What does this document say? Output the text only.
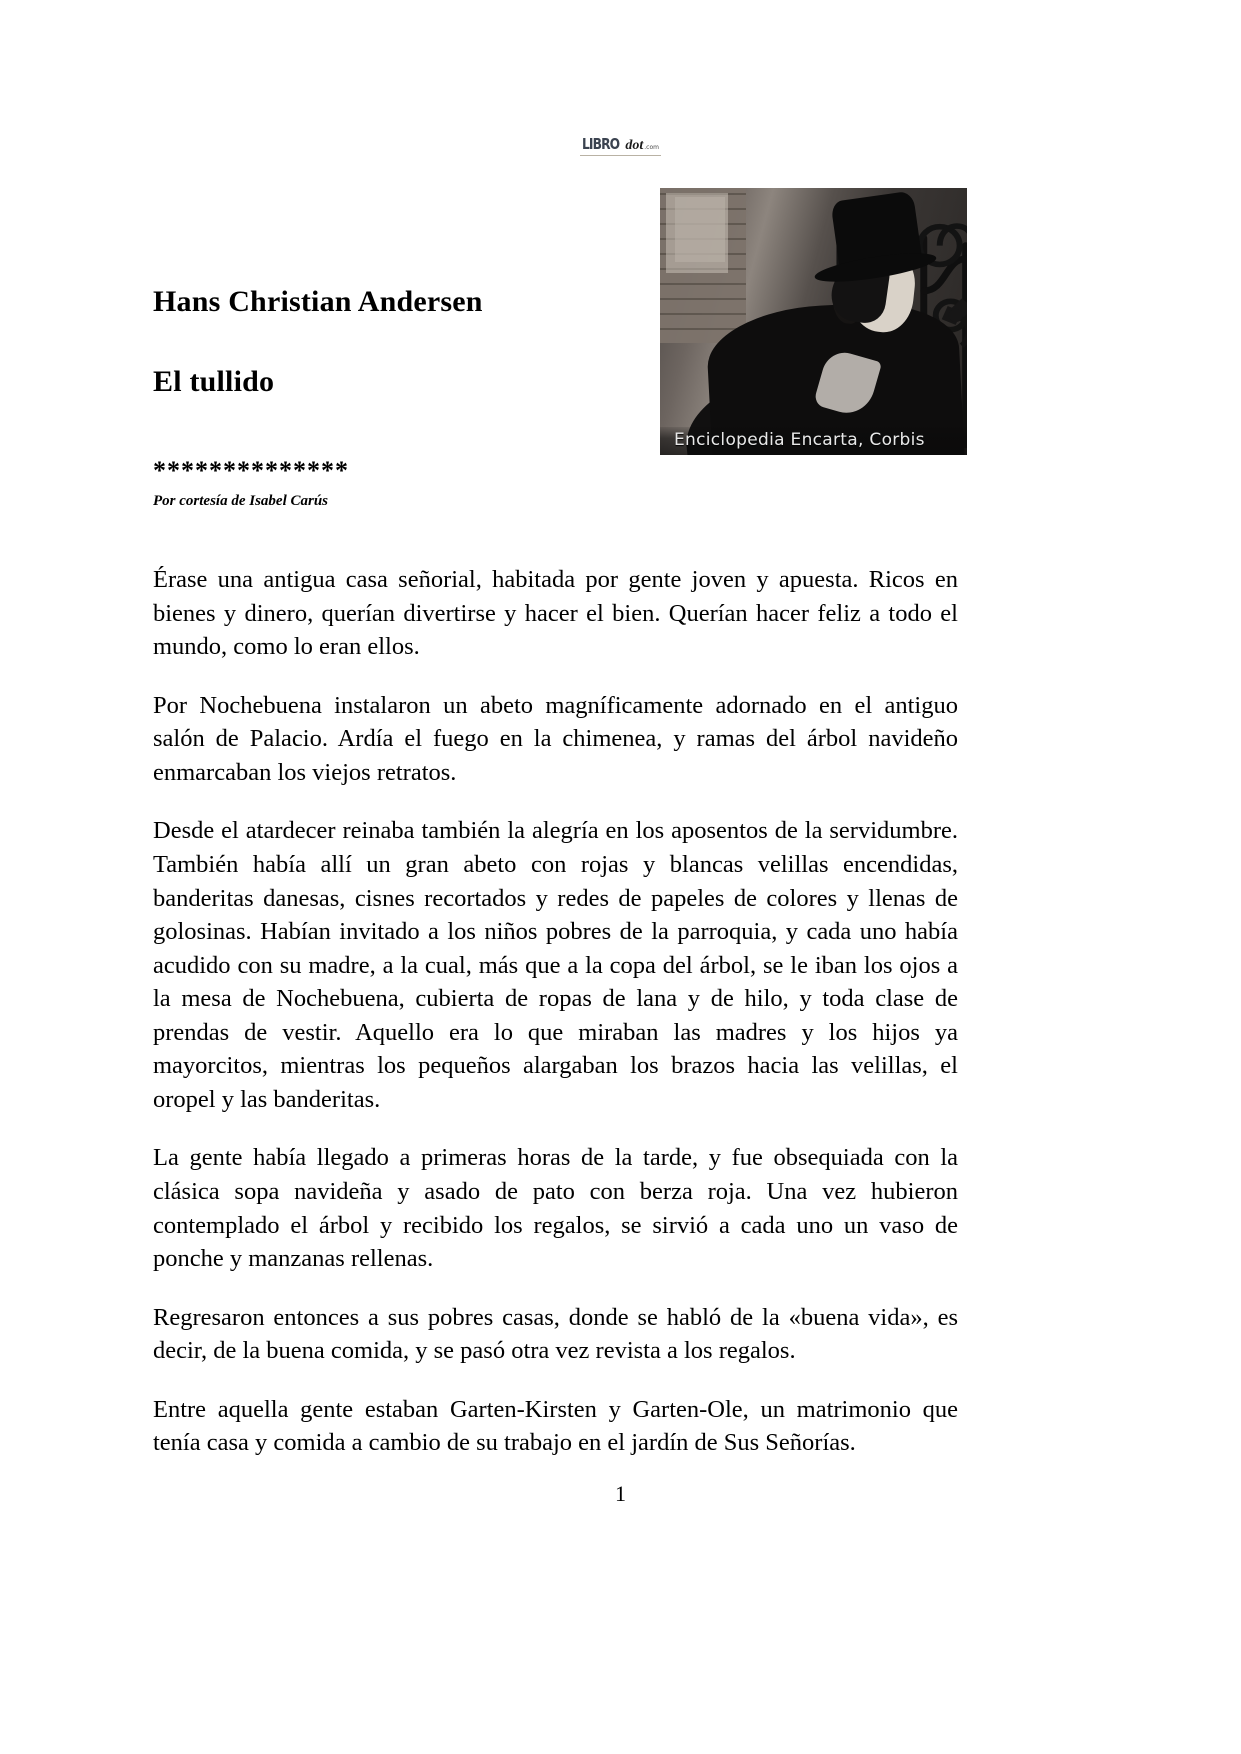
LIBRO dot.com
Enciclopedia Encarta, Corbis
Hans Christian Andersen
El tullido
**************
Por cortesía de Isabel Carús

Érase una antigua casa señorial, habitada por gente joven y apuesta. Ricos en bienes y dinero, querían divertirse y hacer el bien. Querían hacer feliz a todo el mundo, como lo eran ellos.

Por Nochebuena instalaron un abeto magníficamente adornado en el antiguo salón de Palacio. Ardía el fuego en la chimenea, y ramas del árbol navideño enmarcaban los viejos retratos.

Desde el atardecer reinaba también la alegría en los aposentos de la servidumbre. También había allí un gran abeto con rojas y blancas velillas encendidas, banderitas danesas, cisnes recortados y redes de papeles de colores y llenas de golosinas. Habían invitado a los niños pobres de la parroquia, y cada uno había acudido con su madre, a la cual, más que a la copa del árbol, se le iban los ojos a la mesa de Nochebuena, cubierta de ropas de lana y de hilo, y toda clase de prendas de vestir. Aquello era lo que miraban las madres y los hijos ya mayorcitos, mientras los pequeños alargaban los brazos hacia las velillas, el oropel y las banderitas.

La gente había llegado a primeras horas de la tarde, y fue obsequiada con la clásica sopa navideña y asado de pato con berza roja. Una vez hubieron contemplado el árbol y recibido los regalos, se sirvió a cada uno un vaso de ponche y manzanas rellenas.

Regresaron entonces a sus pobres casas, donde se habló de la «buena vida», es decir, de la buena comida, y se pasó otra vez revista a los regalos.

Entre aquella gente estaban Garten-Kirsten y Garten-Ole, un matrimonio que tenía casa y comida a cambio de su trabajo en el jardín de Sus Señorías.

1
